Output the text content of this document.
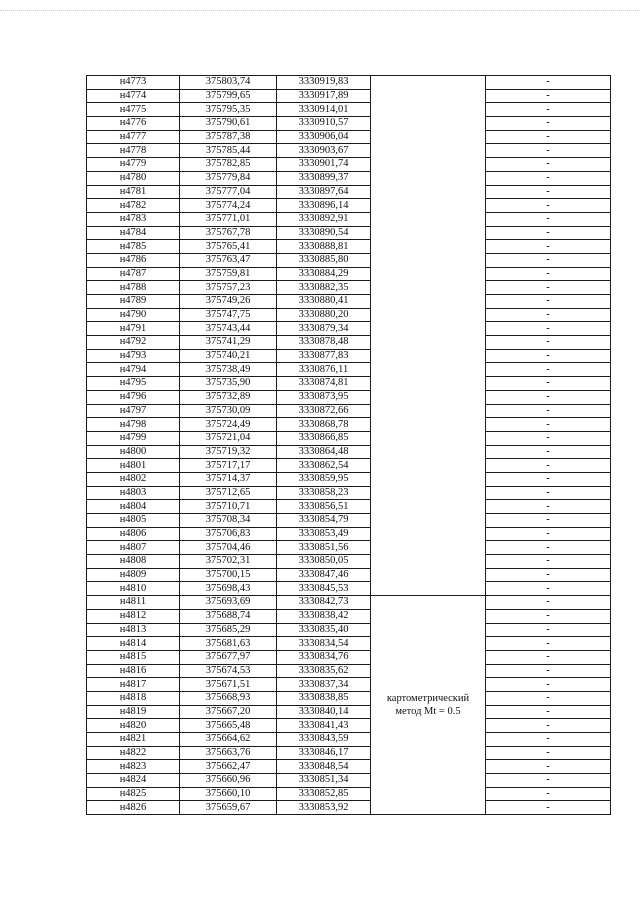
н4773	375803,74	3330919,83		-
н4774	375799,65	3330917,89		-
н4775	375795,35	3330914,01		-
н4776	375790,61	3330910,57		-
н4777	375787,38	3330906,04		-
н4778	375785,44	3330903,67		-
н4779	375782,85	3330901,74		-
н4780	375779,84	3330899,37		-
н4781	375777,04	3330897,64		-
н4782	375774,24	3330896,14		-
н4783	375771,01	3330892,91		-
н4784	375767,78	3330890,54		-
н4785	375765,41	3330888,81		-
н4786	375763,47	3330885,80		-
н4787	375759,81	3330884,29		-
н4788	375757,23	3330882,35		-
н4789	375749,26	3330880,41		-
н4790	375747,75	3330880,20		-
н4791	375743,44	3330879,34		-
н4792	375741,29	3330878,48		-
н4793	375740,21	3330877,83		-
н4794	375738,49	3330876,11		-
н4795	375735,90	3330874,81		-
н4796	375732,89	3330873,95		-
н4797	375730,09	3330872,66		-
н4798	375724,49	3330868,78		-
н4799	375721,04	3330866,85		-
н4800	375719,32	3330864,48		-
н4801	375717,17	3330862,54		-
н4802	375714,37	3330859,95		-
н4803	375712,65	3330858,23		-
н4804	375710,71	3330856,51		-
н4805	375708,34	3330854,79		-
н4806	375706,83	3330853,49		-
н4807	375704,46	3330851,56		-
н4808	375702,31	3330850,05		-
н4809	375700,15	3330847,46		-
н4810	375698,43	3330845,53		-
н4811	375693,69	3330842,73	картометрический
метод Mt = 0.5	-
н4812	375688,74	3330838,42		-
н4813	375685,29	3330835,40		-
н4814	375681,63	3330834,54		-
н4815	375677,97	3330834,76		-
н4816	375674,53	3330835,62		-
н4817	375671,51	3330837,34		-
н4818	375668,93	3330838,85		-
н4819	375667,20	3330840,14		-
н4820	375665,48	3330841,43		-
н4821	375664,62	3330843,59		-
н4822	375663,76	3330846,17		-
н4823	375662,47	3330848,54		-
н4824	375660,96	3330851,34		-
н4825	375660,10	3330852,85		-
н4826	375659,67	3330853,92		-
